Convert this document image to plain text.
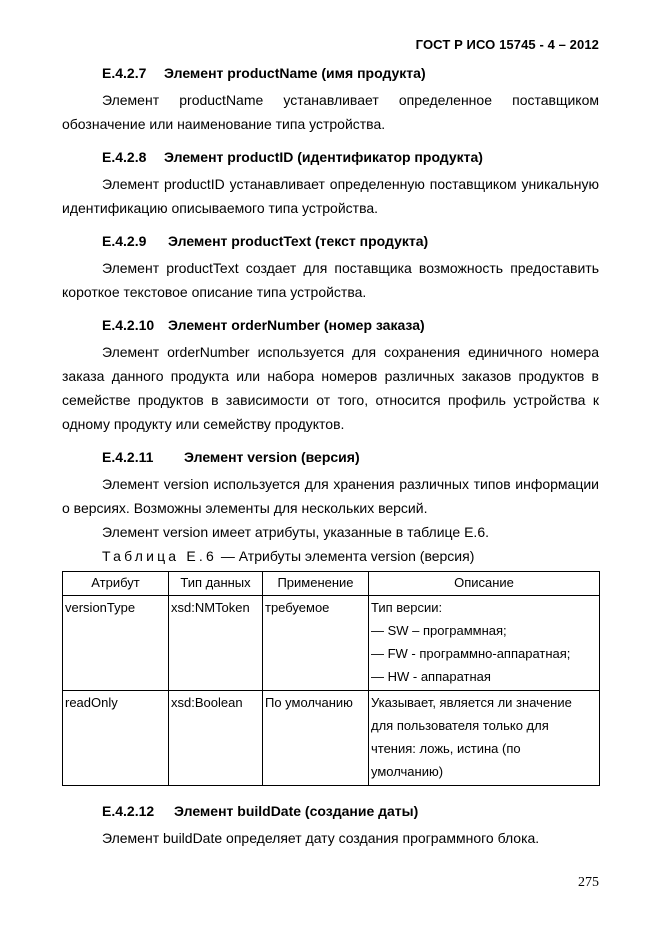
ГОСТ Р ИСО 15745 - 4 – 2012
E.4.2.7 Элемент productName (имя продукта)

Элемент productName устанавливает определенное поставщиком обозначение или наименование типа устройства.

E.4.2.8 Элемент productID (идентификатор продукта)

Элемент productID устанавливает определенную поставщиком уникальную идентификацию описываемого типа устройства.

E.4.2.9 Элемент productText (текст продукта)

Элемент productText создает для поставщика возможность предоставить короткое текстовое описание типа устройства.

E.4.2.10 Элемент orderNumber (номер заказа)

Элемент orderNumber используется для сохранения единичного номера заказа данного продукта или набора номеров различных заказов продуктов в семействе продуктов в зависимости от того, относится профиль устройства к одному продукту или семейству продуктов.

E.4.2.11 Элемент version (версия)

Элемент version используется для хранения различных типов информации о версиях. Возможны элементы для нескольких версий.

Элемент version имеет атрибуты, указанные в таблице E.6.

Таблица E.6 — Атрибуты элемента version (версия)
Атрибут	Тип данных	Применение	Описание
versionType	xsd:NMToken	требуемое	Тип версии:
— SW – программная;
— FW - программно-аппаратная;
— HW - аппаратная

readOnly	xsd:Boolean	По умолчанию	Указывает, является ли значение
для пользователя только для
чтения: ложь, истина (по
умолчанию)
E.4.2.12 Элемент buildDate (создание даты)

Элемент buildDate определяет дату создания программного блока.

275
